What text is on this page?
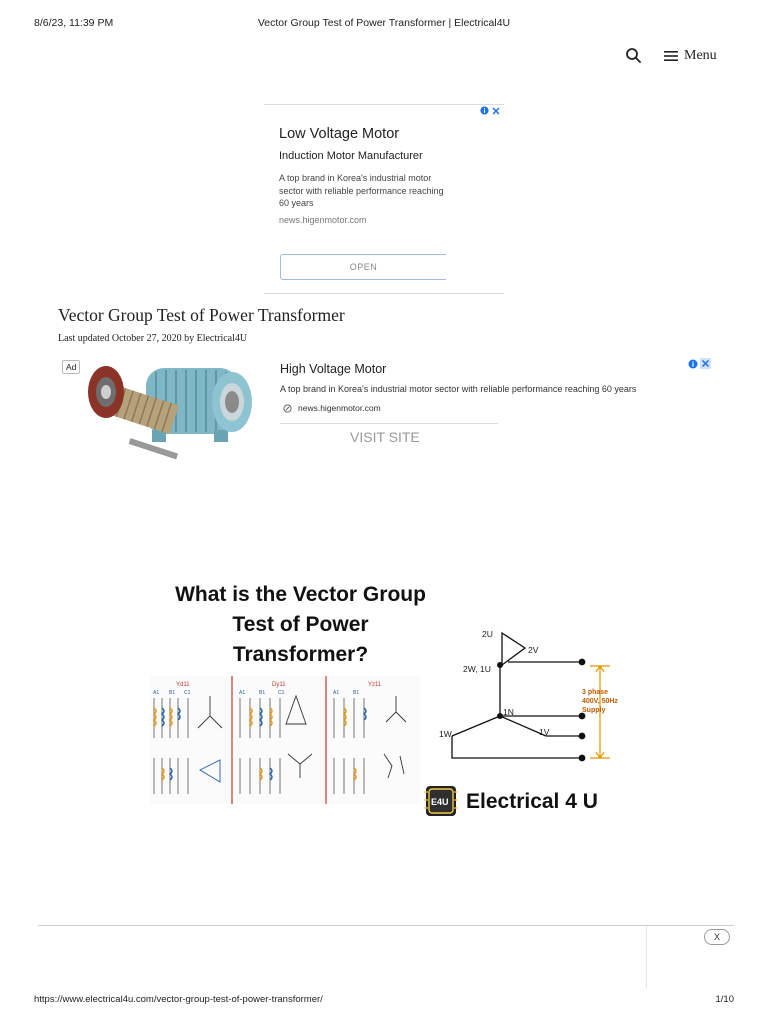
8/6/23, 11:39 PM	Vector Group Test of Power Transformer | Electrical4U
Menu
Low Voltage Motor
Induction Motor Manufacturer
A top brand in Korea's industrial motor sector with reliable performance reaching 60 years
news.higenmotor.com
OPEN
Vector Group Test of Power Transformer
Last updated October 27, 2020 by Electrical4U
Ad	High Voltage Motor
A top brand in Korea's industrial motor sector with reliable performance reaching 60 years
news.higenmotor.com
VISIT SITE
What is the Vector Group
Test of Power
Transformer?
Yd11	Dy11	Yz11
A1 B1 C1	A1	B1	C1	A1	B1	3 phase
400V, 50Hz
Supply
2U
2V
2W, 1U
1N
1W	1V
E4U Electrical 4 U
X
https://www.electrical4u.com/vector-group-test-of-power-transformer/	1/10
